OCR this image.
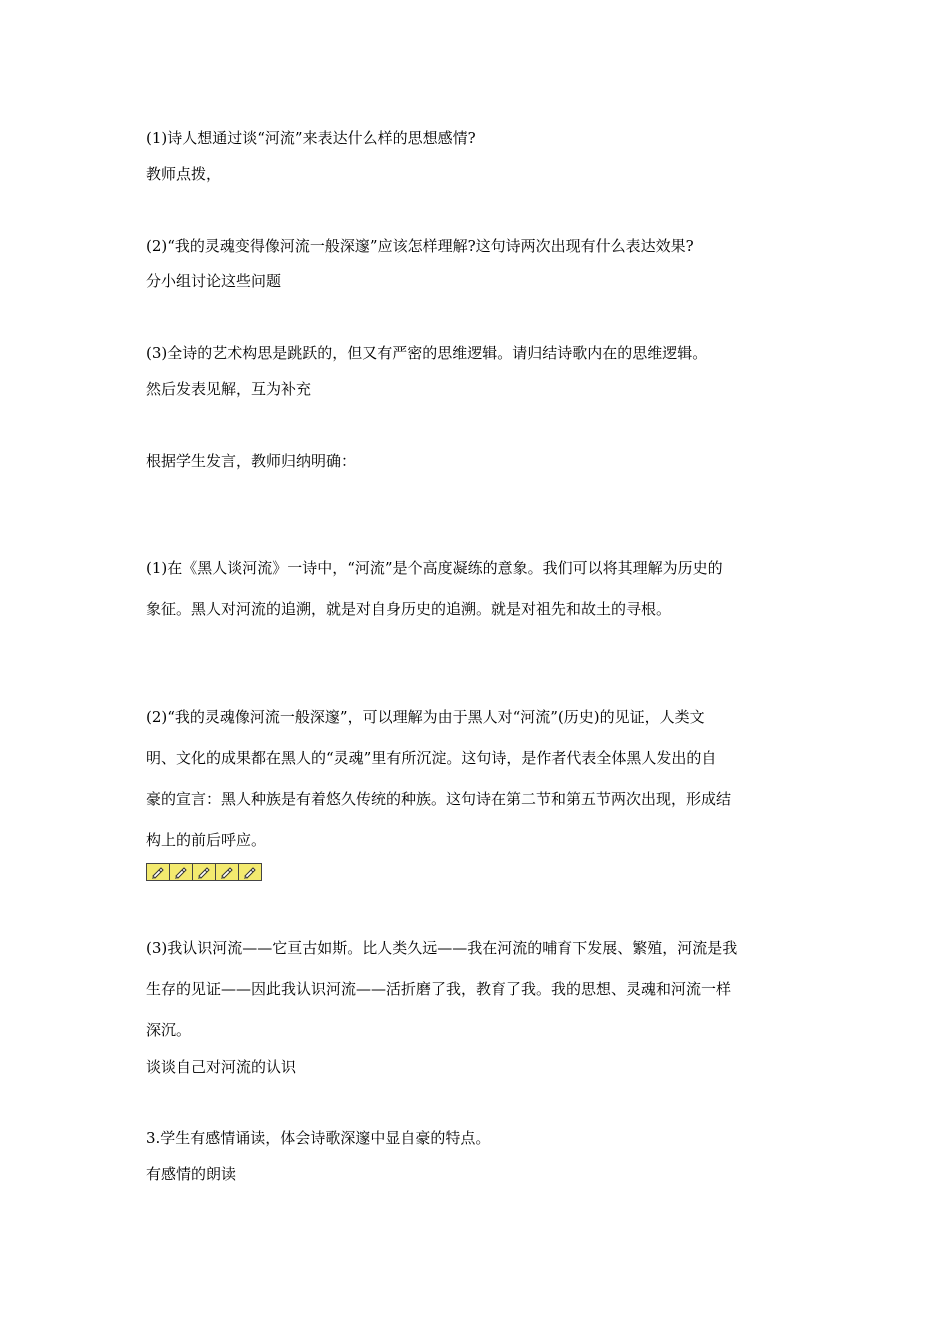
(1)诗人想通过谈“河流”来表达什么样的思想感情?
教师点拨，
(2)“我的灵魂变得像河流一般深邃”应该怎样理解?这句诗两次出现有什么表达效果?
分小组讨论这些问题
(3)全诗的艺术构思是跳跃的，但又有严密的思维逻辑。请归结诗歌内在的思维逻辑。
然后发表见解，互为补充
根据学生发言，教师归纳明确：
(1)在《黑人谈河流》一诗中，“河流”是个高度凝练的意象。我们可以将其理解为历史的
象征。黑人对河流的追溯，就是对自身历史的追溯。就是对祖先和故土的寻根。
(2)“我的灵魂像河流一般深邃”，可以理解为由于黑人对“河流”(历史)的见证，人类文
明、文化的成果都在黑人的“灵魂”里有所沉淀。这句诗，是作者代表全体黑人发出的自
豪的宣言：黑人种族是有着悠久传统的种族。这句诗在第二节和第五节两次出现，形成结
构上的前后呼应。
(3)我认识河流——它亘古如斯。比人类久远——我在河流的哺育下发展、繁殖，河流是我
生存的见证——因此我认识河流——活折磨了我，教育了我。我的思想、灵魂和河流一样
深沉。
谈谈自己对河流的认识
3.学生有感情诵读，体会诗歌深邃中显自豪的特点。
有感情的朗读
